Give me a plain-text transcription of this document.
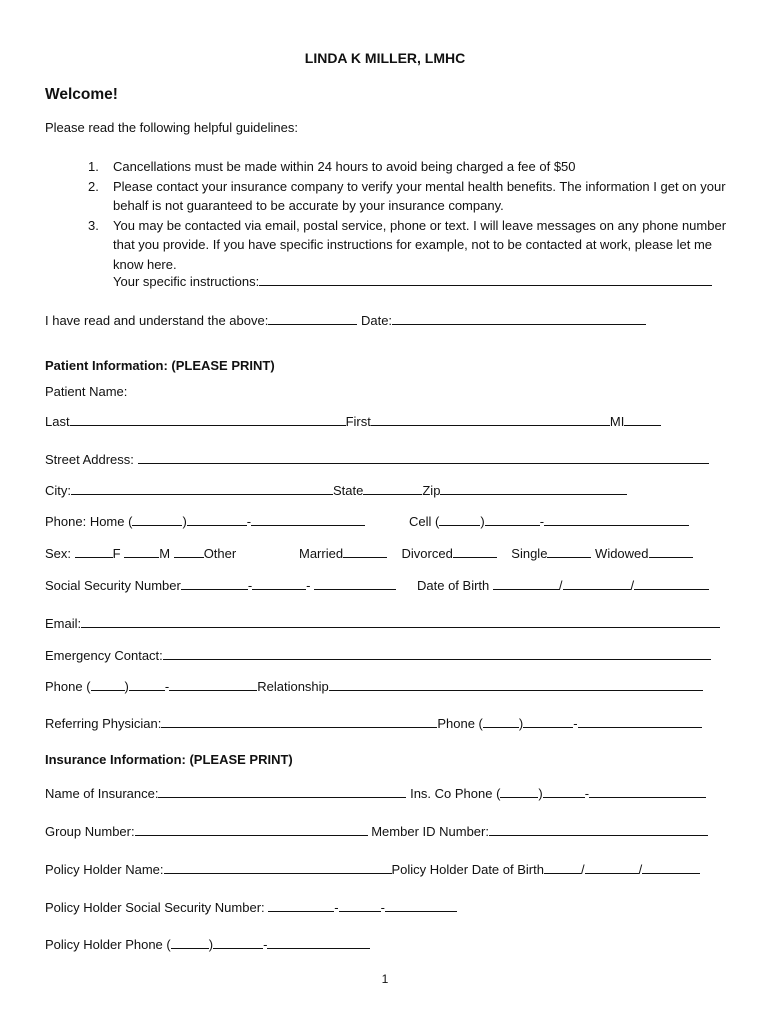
LINDA K MILLER, LMHC
Welcome!
Please read the following helpful guidelines:
1. Cancellations must be made within 24 hours to avoid being charged a fee of $50
2. Please contact your insurance company to verify your mental health benefits. The information I get on your behalf is not guaranteed to be accurate by your insurance company.
3. You may be contacted via email, postal service, phone or text. I will leave messages on any phone number that you provide. If you have specific instructions for example, not to be contacted at work, please let me know here.
Your specific instructions:
I have read and understand the above:	Date:
Patient Information: (PLEASE PRINT)
Patient Name:
Last	First	MI
Street Address:
City:	State	Zip
Phone: Home (	)	-	Cell (	)	-
Sex:	F	M	Other	Married	Divorced	Single	Widowed
Social Security Number	-	-	Date of Birth	/	/
Email:
Emergency Contact:
Phone (	)	-	Relationship
Referring Physician:	Phone (	)	-
Insurance Information: (PLEASE PRINT)
Name of Insurance:	Ins. Co Phone (	)	-
Group Number:	Member ID Number:
Policy Holder Name:	Policy Holder Date of Birth	/	/
Policy Holder Social Security Number:	-	-
Policy Holder Phone (	)	-
1
